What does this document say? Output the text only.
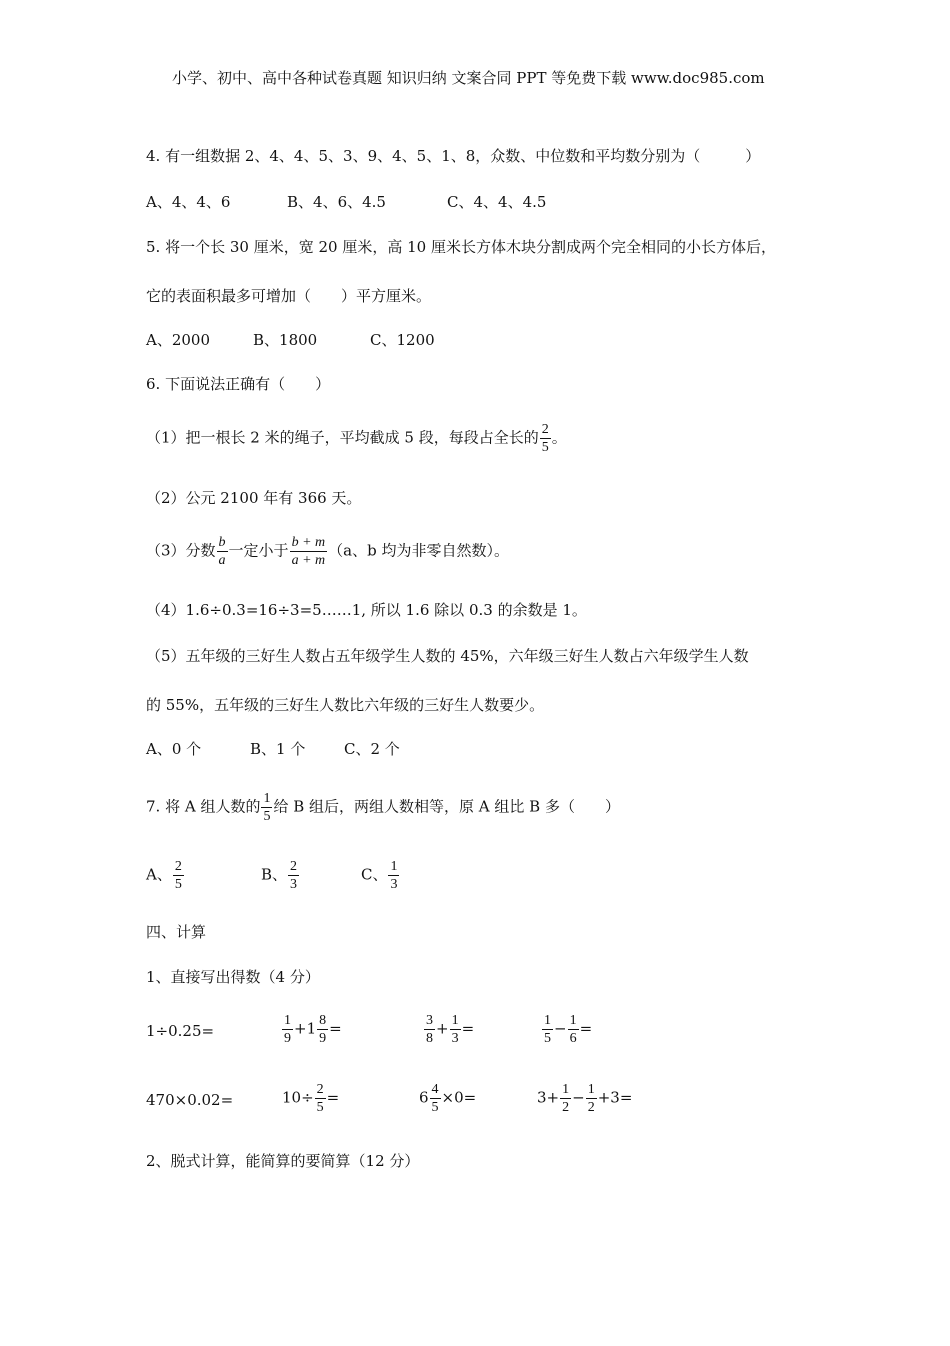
小学、初中、高中各种试卷真题 知识归纳 文案合同 PPT 等免费下载 www.doc985.com
4. 有一组数据 2、4、4、5、3、9、4、5、1、8，众数、中位数和平均数分别为（　　　）
A、4、4、6	B、4、6、4.5	C、4、4、4.5
5. 将一个长 30 厘米，宽 20 厘米，高 10 厘米长方体木块分割成两个完全相同的小长方体后，
它的表面积最多可增加（　　）平方厘米。
A、2000	B、1800	C、1200
6. 下面说法正确有（　　）
（1）把一根长 2 米的绳子，平均截成 5 段，每段占全长的 $\frac{2}{5}$ 。
（2）公元 2100 年有 366 天。
（3）分数 $\frac{b}{a}$ 一定小于 $\frac{b + m}{a + m} (a$、b 均为非零自然数）。
（4）1.6÷0.3=16÷3=5……1, 所以 1.6 除以 0.3 的余数是 1。
（5）五年级的三好生人数占五年级学生人数的 45%，六年级三好生人数占六年级学生人数
的 55%，五年级的三好生人数比六年级的三好生人数要少。
A、0 个	B、1 个	C、2 个
7. 将 A 组人数的 $\frac{1}{5}$ 给 B 组后，两组人数相等，原 A 组比 B 多（　　）
A、 $\frac{2}{5}$	B、 $\frac{2}{3}$	C、 $\frac{1}{3}$
四、计算
1、直接写出得数（4 分）
1÷0.25=	$\frac{1}{9} +1 \frac{8}{9}$ =	$\frac{3}{8} + \frac{1}{3}$ =	$\frac{1}{5} - \frac{1}{6}$ =
470×0.02=	$10\div \frac{2}{5}$ =	$6 \frac{4}{5} \times 0=$	$3+ \frac{1}{2} - \frac{1}{2} +3=$
2、脱式计算，能简算的要简算（12 分）
